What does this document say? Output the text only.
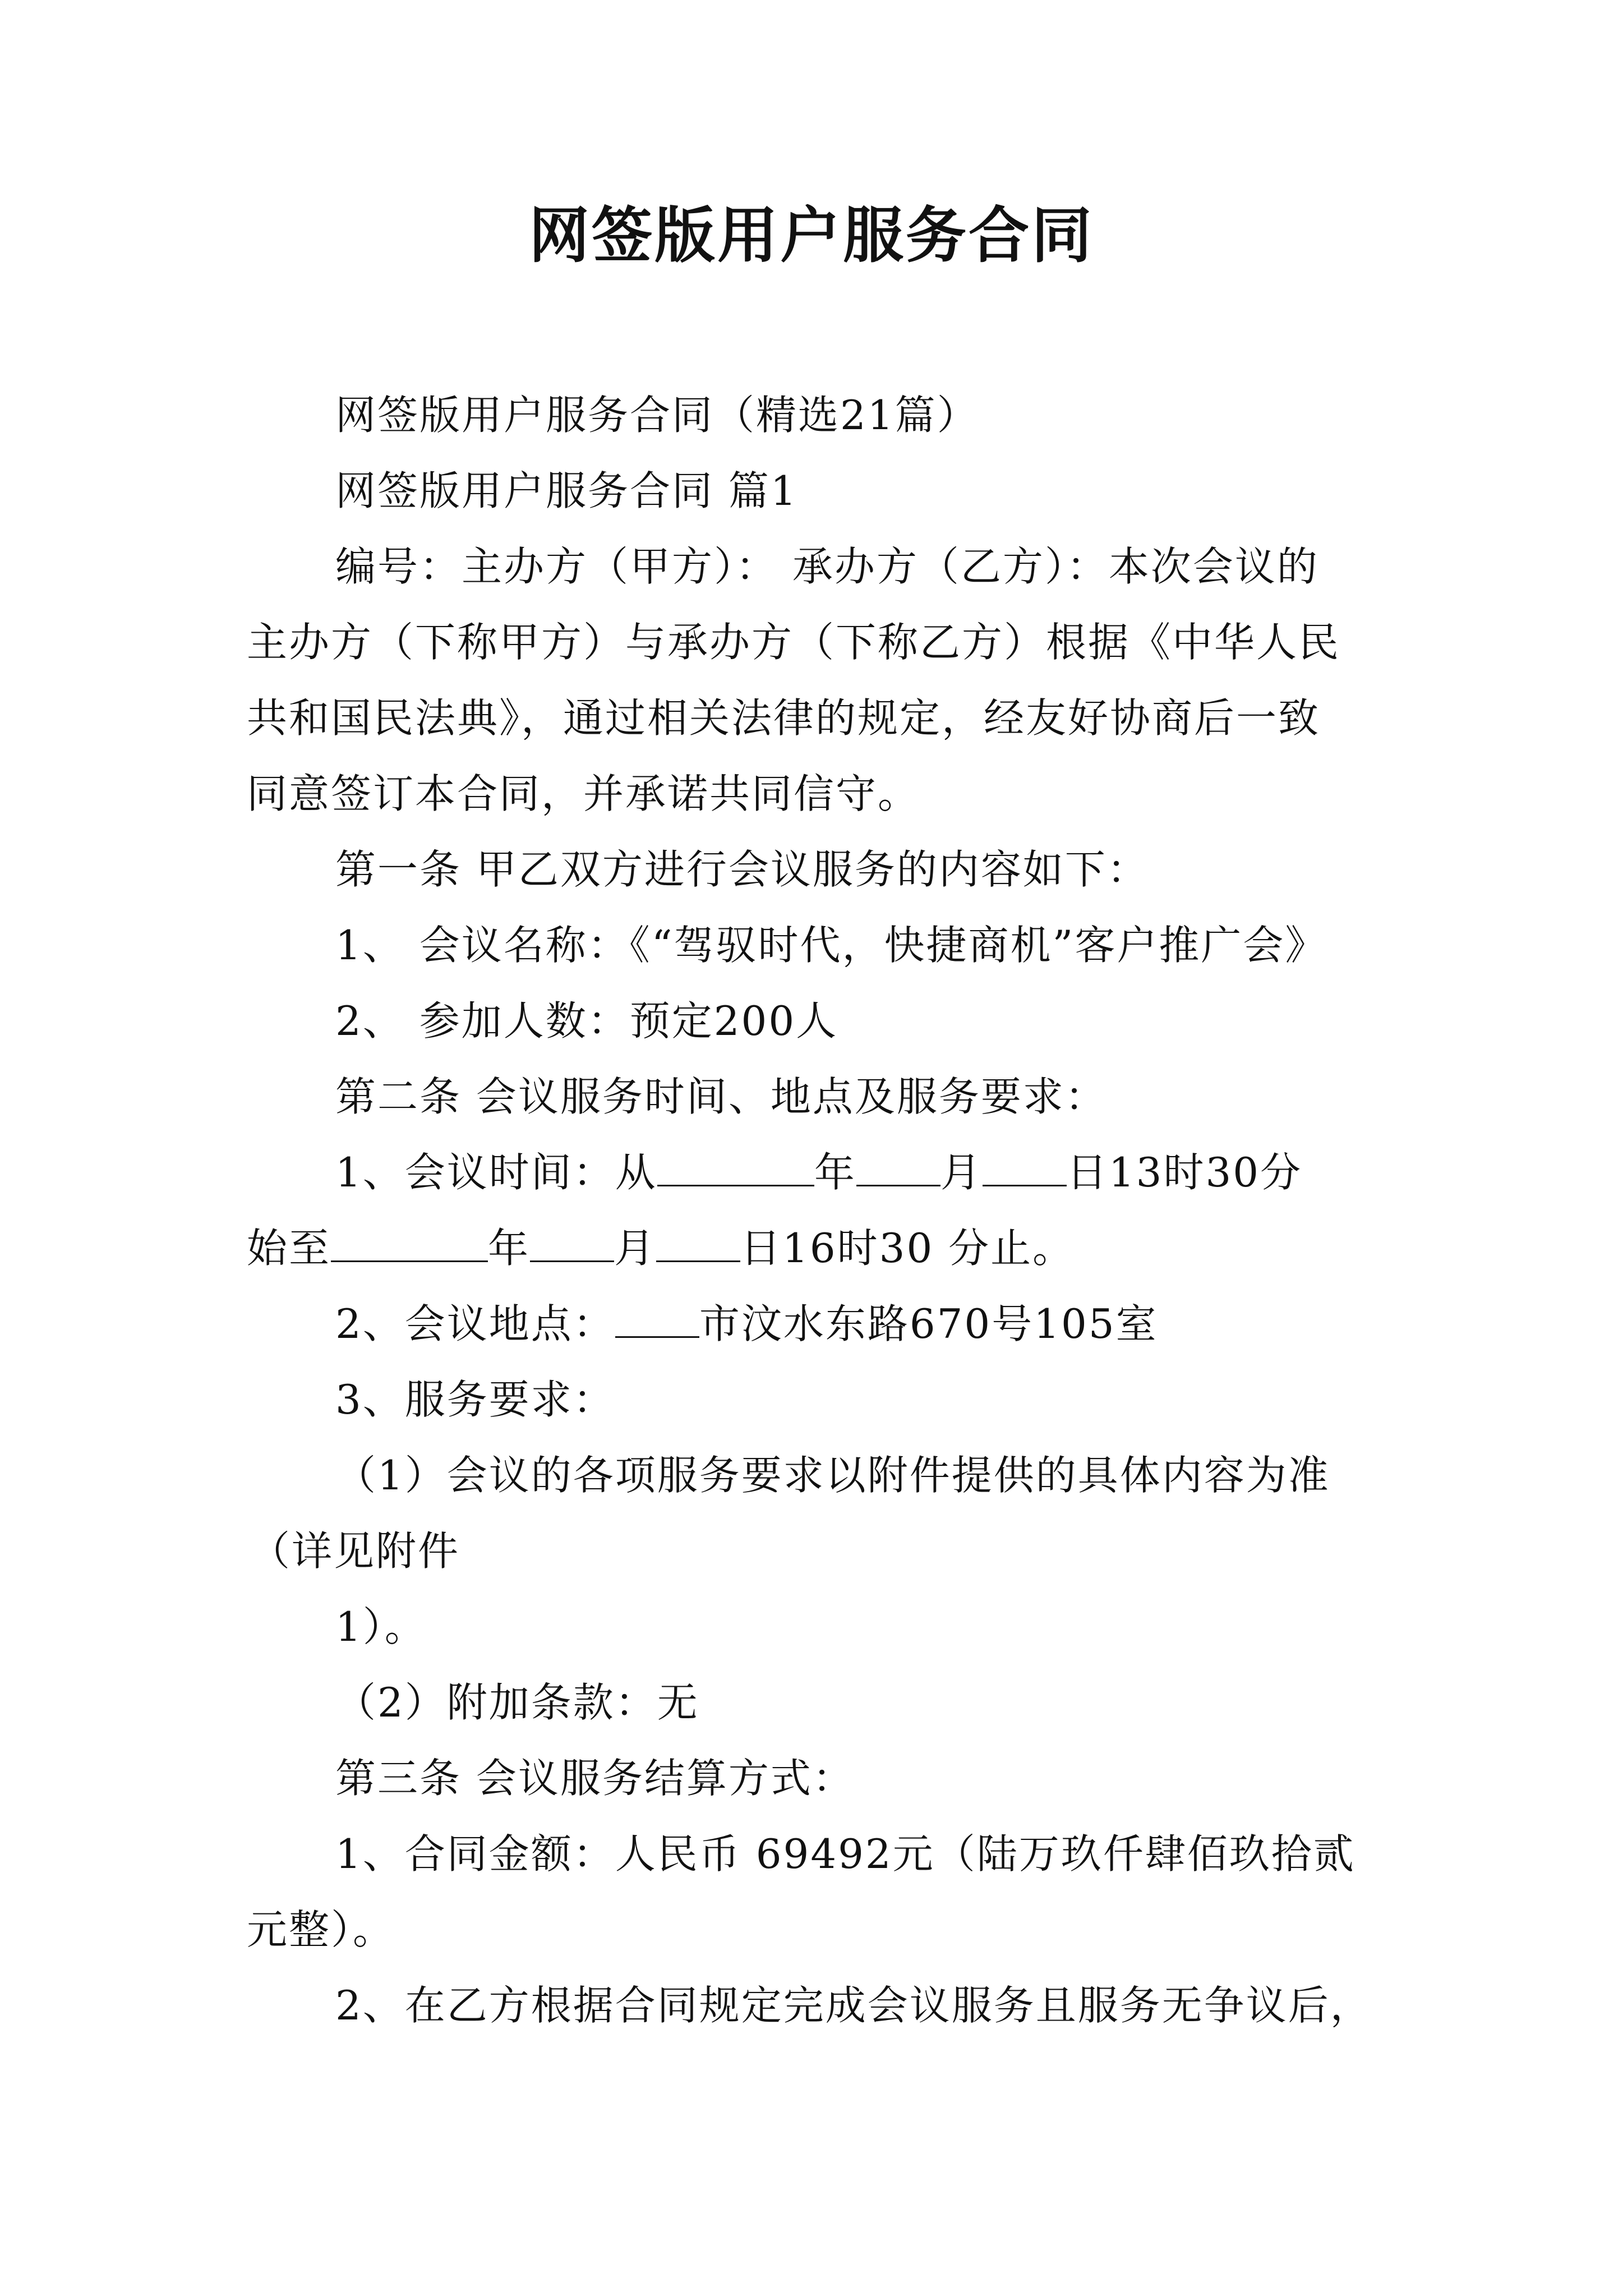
网签版用户服务合同

网签版用户服务合同（精选21篇）

网签版用户服务合同 篇1

编号：主办方（甲方）： 承办方（乙方）：本次会议的

主办方（下称甲方）与承办方（下称乙方）根据《中华人民

共和国民法典》，通过相关法律的规定，经友好协商后一致

同意签订本合同，并承诺共同信守。

第一条 甲乙双方进行会议服务的内容如下：

1、 会议名称：《“驾驭时代，快捷商机”客户推广会》

2、 参加人数：预定200人

第二条 会议服务时间、地点及服务要求：

1、会议时间：从	年 月 日13时30分

始至	年 月 日16时30 分止。

2、会议地点： 市汶水东路670号105室

3、服务要求：

（1）会议的各项服务要求以附件提供的具体内容为准

（详见附件

1）。

（2）附加条款：无

第三条 会议服务结算方式：

1、合同金额：人民币 69492元（陆万玖仟肆佰玖拾贰

元整）。

2、在乙方根据合同规定完成会议服务且服务无争议后，
